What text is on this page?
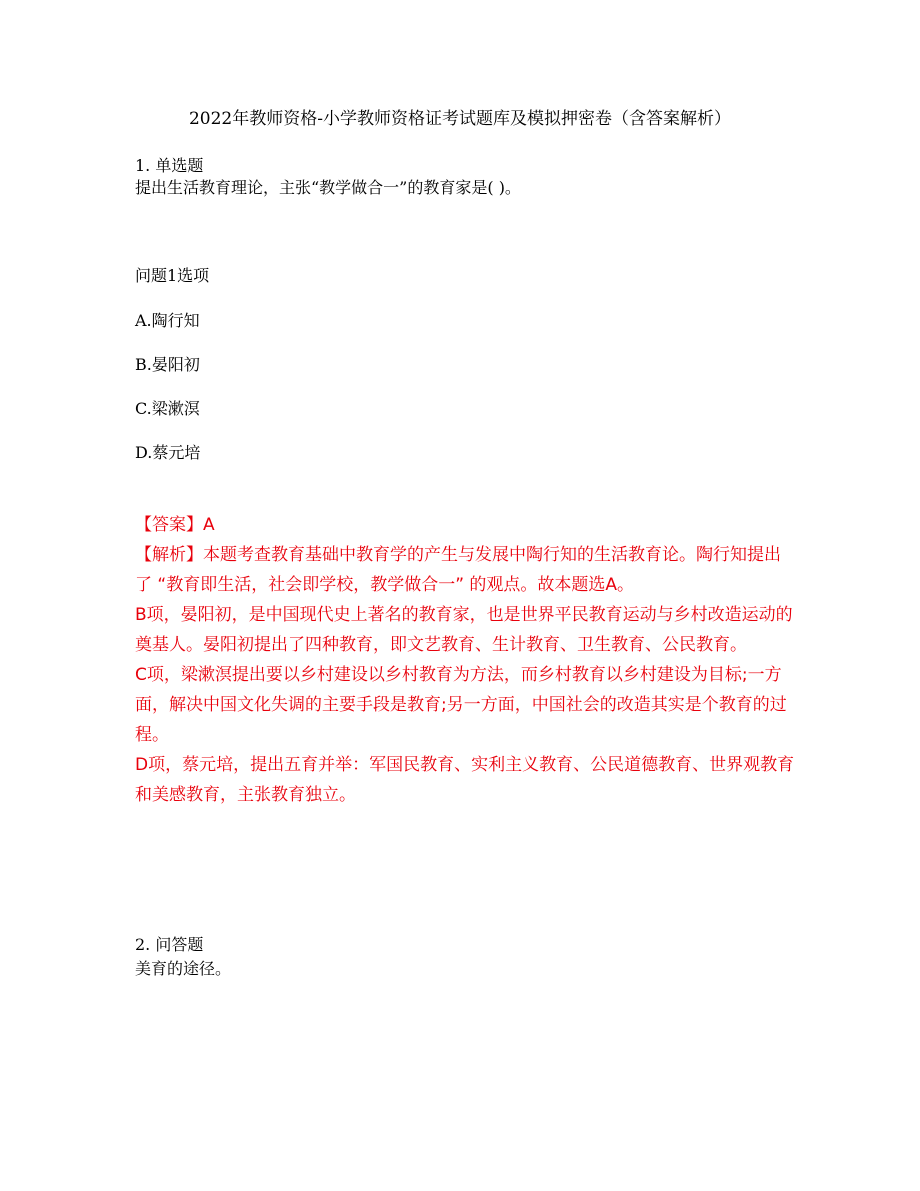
2022年教师资格-小学教师资格证考试题库及模拟押密卷（含答案解析）
1. 单选题
提出生活教育理论，主张“教学做合一”的教育家是( )。
问题1选项
A.陶行知
B.晏阳初
C.梁漱溟
D.蔡元培

【答案】A

【解析】本题考查教育基础中教育学的产生与发展中陶行知的生活教育论。陶行知提出了 “教育即生活，社会即学校，教学做合一” 的观点。故本题选A。

B项，晏阳初，是中国现代史上著名的教育家，也是世界平民教育运动与乡村改造运动的奠基人。晏阳初提出了四种教育，即文艺教育、生计教育、卫生教育、公民教育。

C项，梁漱溟提出要以乡村建设以乡村教育为方法，而乡村教育以乡村建设为目标;一方面，解决中国文化失调的主要手段是教育;另一方面，中国社会的改造其实是个教育的过程。

D项，蔡元培，提出五育并举：军国民教育、实利主义教育、公民道德教育、世界观教育和美感教育，主张教育独立。

2. 问答题
美育的途径。
